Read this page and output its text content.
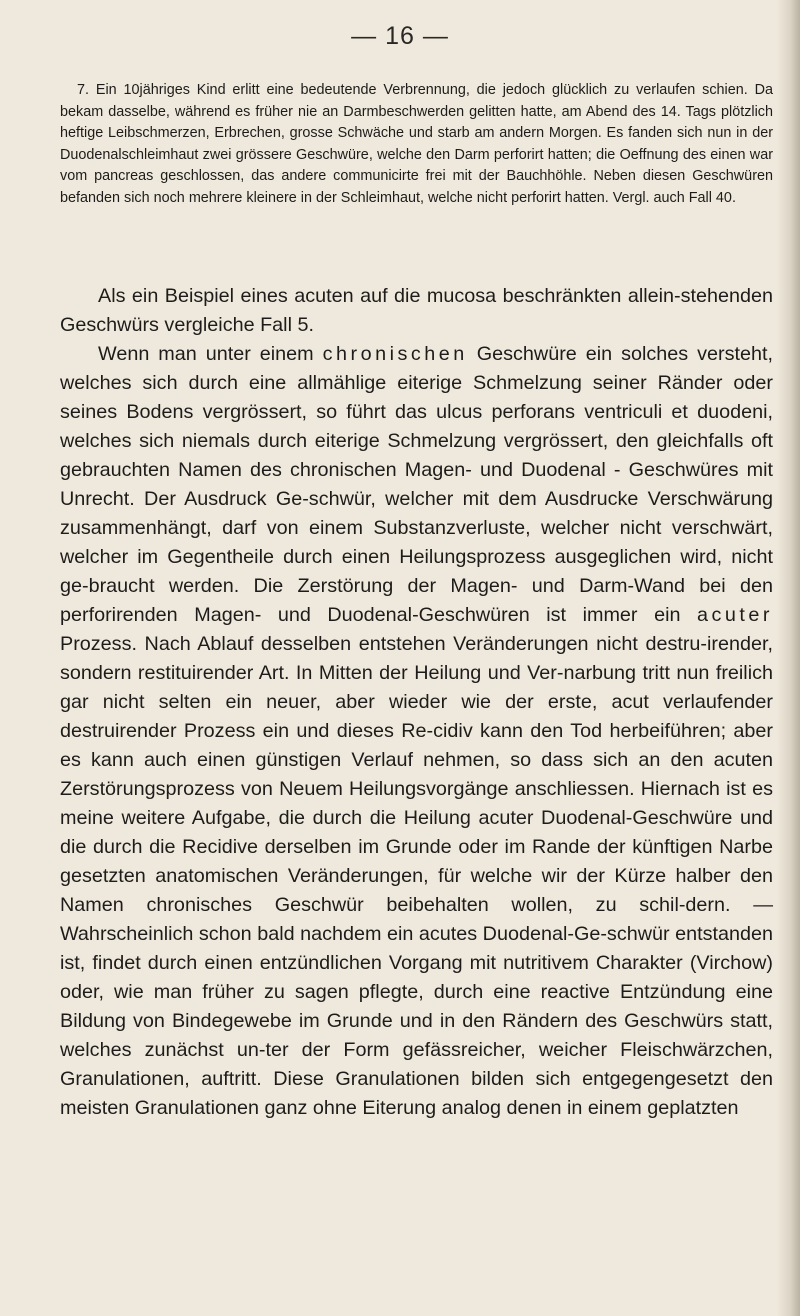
— 16 —

7. Ein 10jähriges Kind erlitt eine bedeutende Verbrennung, die jedoch glücklich zu verlaufen schien. Da bekam dasselbe, während es früher nie an Darmbeschwerden gelitten hatte, am Abend des 14. Tags plötzlich heftige Leibschmerzen, Erbrechen, grosse Schwäche und starb am andern Morgen. Es fanden sich nun in der Duodenalschleimhaut zwei grössere Geschwüre, welche den Darm perforirt hatten; die Oeffnung des einen war vom pancreas geschlossen, das andere communicirte frei mit der Bauchhöhle. Neben diesen Geschwüren befanden sich noch mehrere kleinere in der Schleimhaut, welche nicht perforirt hatten. Vergl. auch Fall 40.

Als ein Beispiel eines acuten auf die mucosa beschränkten allein-stehenden Geschwürs vergleiche Fall 5.

Wenn man unter einem chronischen Geschwüre ein solches versteht, welches sich durch eine allmählige eiterige Schmelzung seiner Ränder oder seines Bodens vergrössert, so führt das ulcus perforans ventriculi et duodeni, welches sich niemals durch eiterige Schmelzung vergrössert, den gleichfalls oft gebrauchten Namen des chronischen Magen- und Duodenal - Geschwüres mit Unrecht. Der Ausdruck Ge-schwür, welcher mit dem Ausdrucke Verschwärung zusammenhängt, darf von einem Substanzverluste, welcher nicht verschwärt, welcher im Gegentheile durch einen Heilungsprozess ausgeglichen wird, nicht ge-braucht werden. Die Zerstörung der Magen- und Darm-Wand bei den perforirenden Magen- und Duodenal-Geschwüren ist immer ein acuter Prozess. Nach Ablauf desselben entstehen Veränderungen nicht destru-irender, sondern restituirender Art. In Mitten der Heilung und Ver-narbung tritt nun freilich gar nicht selten ein neuer, aber wieder wie der erste, acut verlaufender destruirender Prozess ein und dieses Re-cidiv kann den Tod herbeiführen; aber es kann auch einen günstigen Verlauf nehmen, so dass sich an den acuten Zerstörungsprozess von Neuem Heilungsvorgänge anschliessen. Hiernach ist es meine weitere Aufgabe, die durch die Heilung acuter Duodenal-Geschwüre und die durch die Recidive derselben im Grunde oder im Rande der künftigen Narbe gesetzten anatomischen Veränderungen, für welche wir der Kürze halber den Namen chronisches Geschwür beibehalten wollen, zu schil-dern. — Wahrscheinlich schon bald nachdem ein acutes Duodenal-Ge-schwür entstanden ist, findet durch einen entzündlichen Vorgang mit nutritivem Charakter (Virchow) oder, wie man früher zu sagen pflegte, durch eine reactive Entzündung eine Bildung von Bindegewebe im Grunde und in den Rändern des Geschwürs statt, welches zunächst un-ter der Form gefässreicher, weicher Fleischwärzchen, Granulationen, auftritt. Diese Granulationen bilden sich entgegengesetzt den meisten Granulationen ganz ohne Eiterung analog denen in einem geplatzten
